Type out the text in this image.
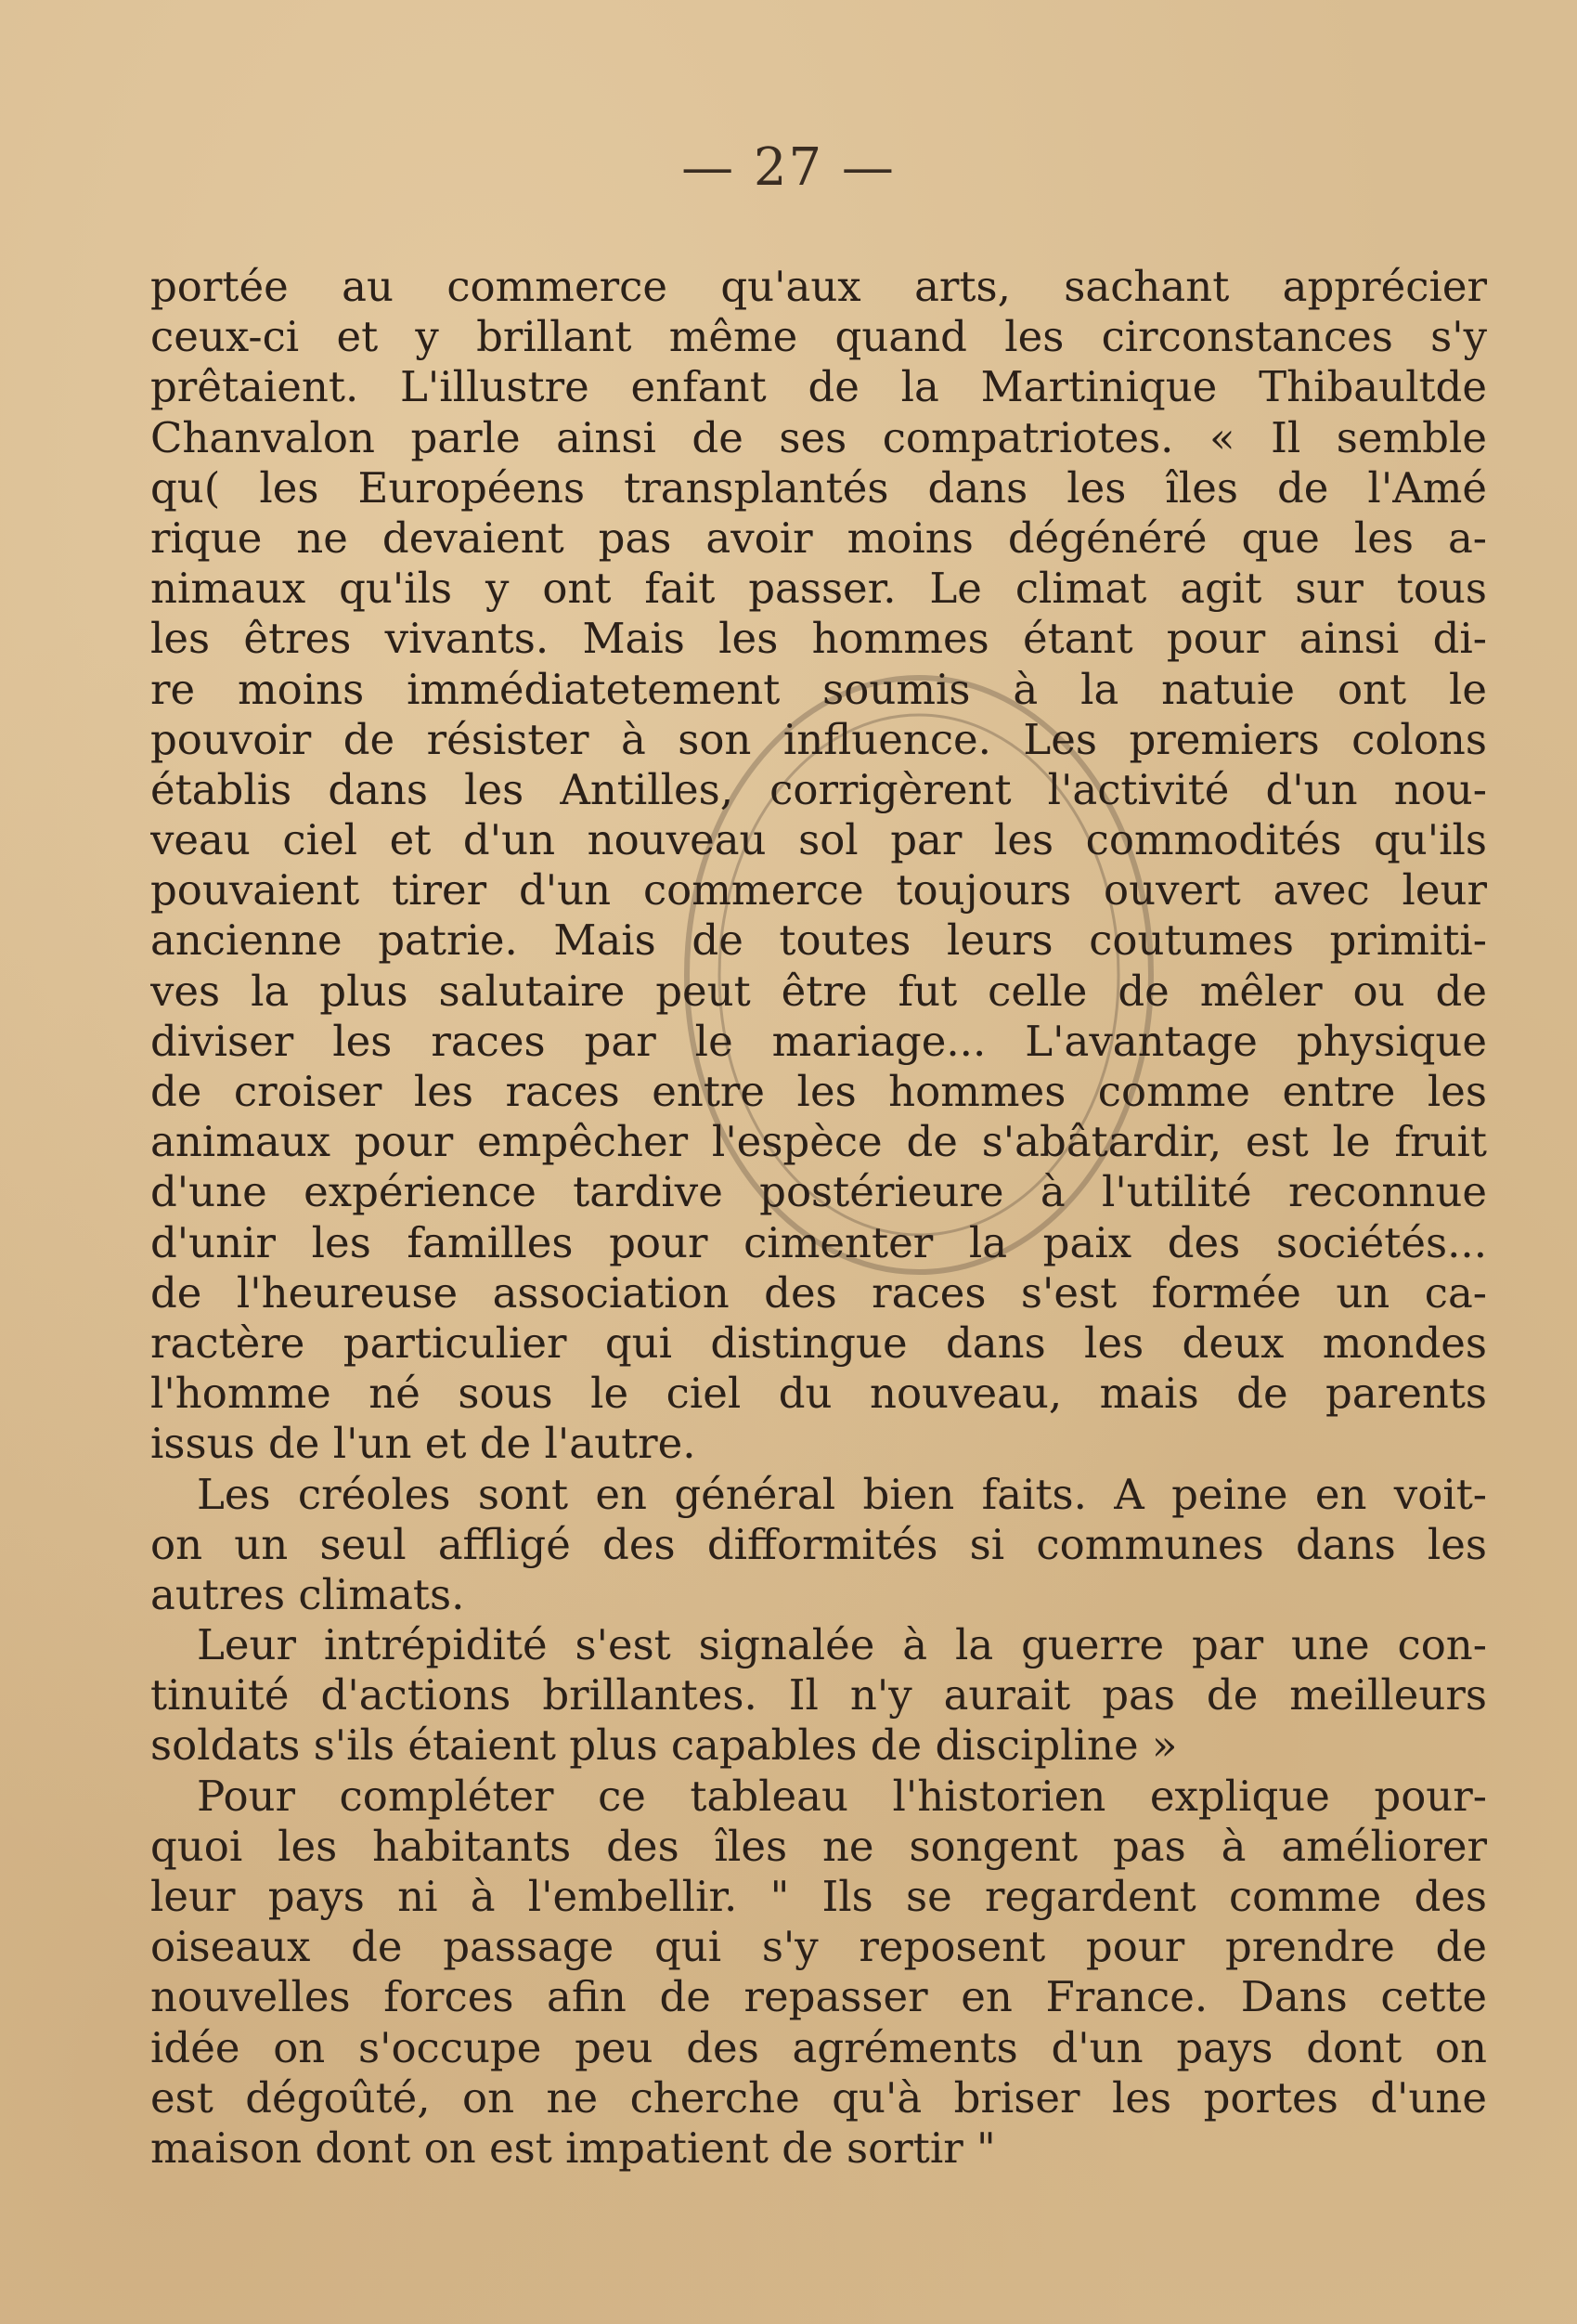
— 27 —
portée au commerce qu'aux arts, sachant apprécier
ceux-ci et y brillant même quand les circonstances s'y
prêtaient. L'illustre enfant de la Martinique Thibaultde
Chanvalon parle ainsi de ses compatriotes. « Il semble
qu( les Européens transplantés dans les îles de l'Amé
rique ne devaient pas avoir moins dégénéré que les a-
nimaux qu'ils y ont fait passer. Le climat agit sur tous
les êtres vivants. Mais les hommes étant pour ainsi di-
re moins immédiatetement soumis à la natuie ont le
pouvoir de résister à son influence. Les premiers colons
établis dans les Antilles, corrigèrent l'activité d'un nou-
veau ciel et d'un nouveau sol par les commodités qu'ils
pouvaient tirer d'un commerce toujours ouvert avec leur
ancienne patrie. Mais de toutes leurs coutumes primiti-
ves la plus salutaire peut être fut celle de mêler ou de
diviser les races par le mariage... L'avantage physique
de croiser les races entre les hommes comme entre les
animaux pour empêcher l'espèce de s'abâtardir, est le fruit
d'une expérience tardive postérieure à l'utilité reconnue
d'unir les familles pour cimenter la paix des sociétés...
de l'heureuse association des races s'est formée un ca-
ractère particulier qui distingue dans les deux mondes
l'homme né sous le ciel du nouveau, mais de parents
issus de l'un et de l'autre.
Les créoles sont en général bien faits. A peine en voit-
on un seul affligé des difformités si communes dans les
autres climats.
Leur intrépidité s'est signalée à la guerre par une con-
tinuité d'actions brillantes. Il n'y aurait pas de meilleurs
soldats s'ils étaient plus capables de discipline »
Pour compléter ce tableau l'historien explique pour-
quoi les habitants des îles ne songent pas à améliorer
leur pays ni à l'embellir. " Ils se regardent comme des
oiseaux de passage qui s'y reposent pour prendre de
nouvelles forces afin de repasser en France. Dans cette
idée on s'occupe peu des agréments d'un pays dont on
est dégoûté, on ne cherche qu'à briser les portes d'une
maison dont on est impatient de sortir "
